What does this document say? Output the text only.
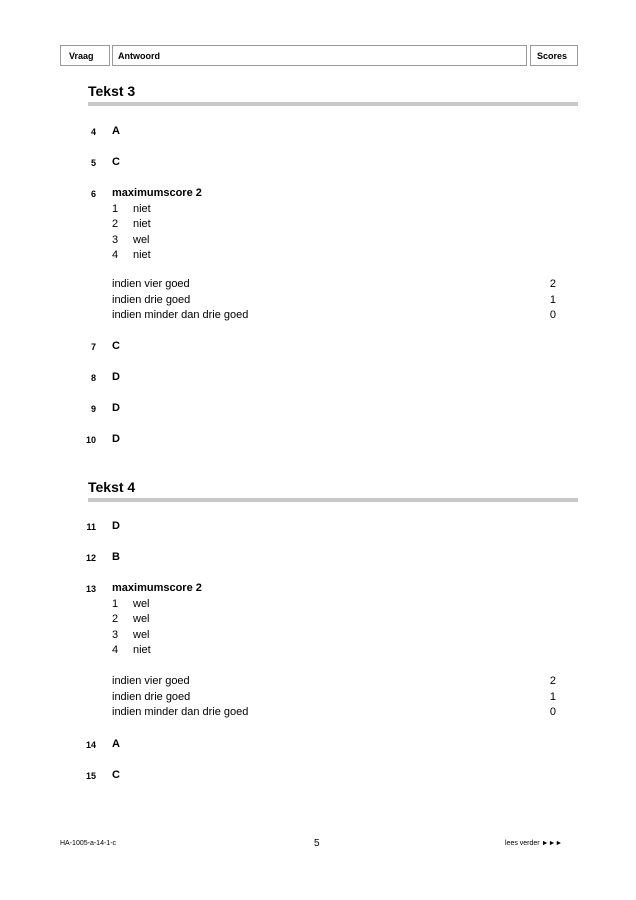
Vraag	Antwoord	Scores
Tekst 3
4 A
5 C
6 maximumscore 2
1 niet
2 niet
3 wel
4 niet
indien vier goed	2
indien drie goed	1
indien minder dan drie goed	0
7 C
8 D
9 D
10 D
Tekst 4
11 D
12 B
13 maximumscore 2
1 wel
2 wel
3 wel
4 niet
indien vier goed	2
indien drie goed	1
indien minder dan drie goed	0
14 A
15 C
HA-1005-a-14-1-c	5	lees verder ►►►
